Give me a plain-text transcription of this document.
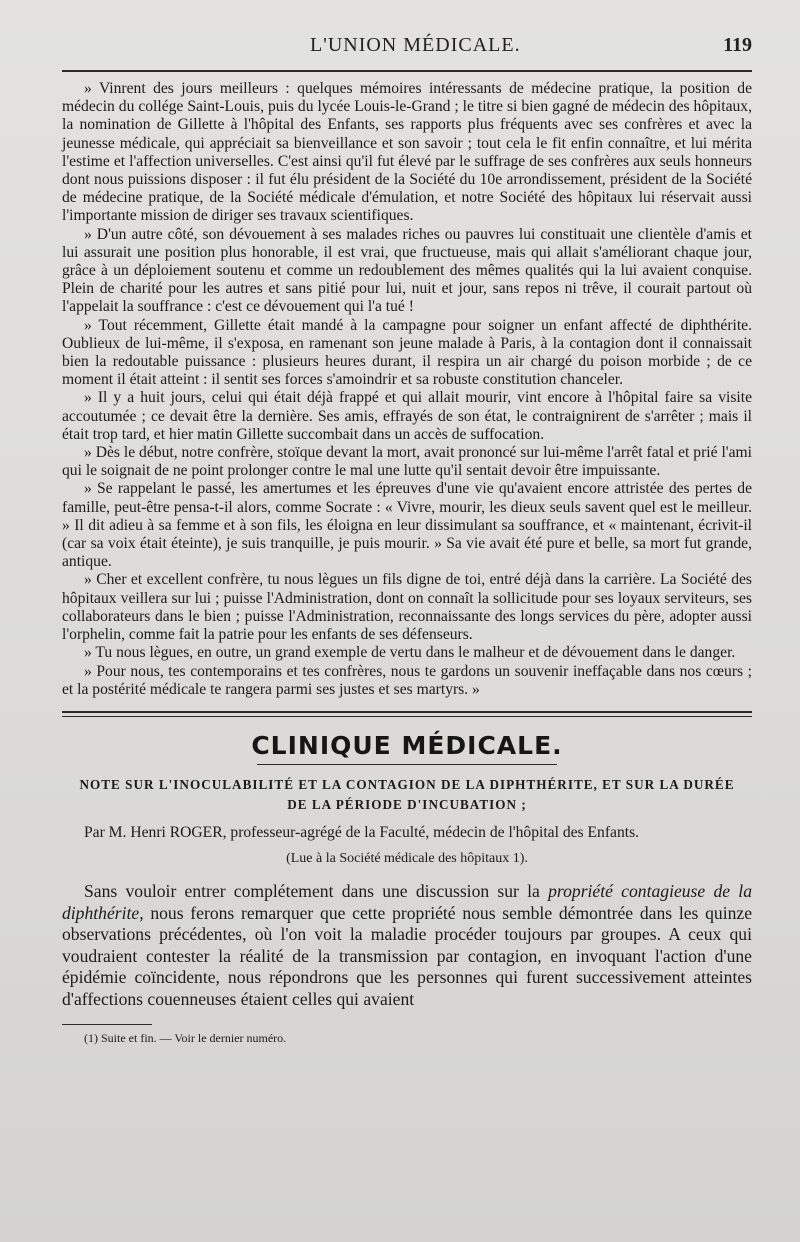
L'UNION MÉDICALE.	119

» Vinrent des jours meilleurs : quelques mémoires intéressants de médecine pratique, la position de médecin du collége Saint-Louis, puis du lycée Louis-le-Grand ; le titre si bien gagné de médecin des hôpitaux, la nomination de Gillette à l'hôpital des Enfants, ses rapports plus fréquents avec ses confrères et avec la jeunesse médicale, qui appréciait sa bienveillance et son savoir ; tout cela le fit enfin connaître, et lui mérita l'estime et l'affection universelles. C'est ainsi qu'il fut élevé par le suffrage de ses confrères aux seuls honneurs dont nous puissions disposer : il fut élu président de la Société du 10e arrondissement, président de la Société de médecine pratique, de la Société médicale d'émulation, et notre Société des hôpitaux lui réservait aussi l'importante mission de diriger ses travaux scientifiques.

» D'un autre côté, son dévouement à ses malades riches ou pauvres lui constituait une clientèle d'amis et lui assurait une position plus honorable, il est vrai, que fructueuse, mais qui allait s'améliorant chaque jour, grâce à un déploiement soutenu et comme un redoublement des mêmes qualités qui la lui avaient conquise. Plein de charité pour les autres et sans pitié pour lui, nuit et jour, sans repos ni trêve, il courait partout où l'appelait la souffrance : c'est ce dévouement qui l'a tué !

» Tout récemment, Gillette était mandé à la campagne pour soigner un enfant affecté de diphthérite. Oublieux de lui-même, il s'exposa, en ramenant son jeune malade à Paris, à la contagion dont il connaissait bien la redoutable puissance : plusieurs heures durant, il respira un air chargé du poison morbide ; de ce moment il était atteint : il sentit ses forces s'amoindrir et sa robuste constitution chanceler.

» Il y a huit jours, celui qui était déjà frappé et qui allait mourir, vint encore à l'hôpital faire sa visite accoutumée ; ce devait être la dernière. Ses amis, effrayés de son état, le contraignirent de s'arrêter ; mais il était trop tard, et hier matin Gillette succombait dans un accès de suffocation.

» Dès le début, notre confrère, stoïque devant la mort, avait prononcé sur lui-même l'arrêt fatal et prié l'ami qui le soignait de ne point prolonger contre le mal une lutte qu'il sentait devoir être impuissante.

» Se rappelant le passé, les amertumes et les épreuves d'une vie qu'avaient encore attristée des pertes de famille, peut-être pensa-t-il alors, comme Socrate : « Vivre, mourir, les dieux seuls savent quel est le meilleur. » Il dit adieu à sa femme et à son fils, les éloigna en leur dissimulant sa souffrance, et « maintenant, écrivit-il (car sa voix était éteinte), je suis tranquille, je puis mourir. » Sa vie avait été pure et belle, sa mort fut grande, antique.

» Cher et excellent confrère, tu nous lègues un fils digne de toi, entré déjà dans la carrière. La Société des hôpitaux veillera sur lui ; puisse l'Administration, dont on connaît la sollicitude pour ses loyaux serviteurs, ses collaborateurs dans le bien ; puisse l'Administration, reconnaissante des longs services du père, adopter aussi l'orphelin, comme fait la patrie pour les enfants de ses défenseurs.

» Tu nous lègues, en outre, un grand exemple de vertu dans le malheur et de dévouement dans le danger.

» Pour nous, tes contemporains et tes confrères, nous te gardons un souvenir ineffaçable dans nos cœurs ; et la postérité médicale te rangera parmi ses justes et ses martyrs. »

CLINIQUE MÉDICALE.
NOTE SUR L'INOCULABILITÉ ET LA CONTAGION DE LA DIPHTHÉRITE, ET SUR LA DURÉE
DE LA PÉRIODE D'INCUBATION ;

Par M. Henri ROGER, professeur-agrégé de la Faculté, médecin de l'hôpital des Enfants.

(Lue à la Société médicale des hôpitaux 1).

Sans vouloir entrer complétement dans une discussion sur la propriété contagieuse de la diphthérite, nous ferons remarquer que cette propriété nous semble démontrée dans les quinze observations précédentes, où l'on voit la maladie procéder toujours par groupes. A ceux qui voudraient contester la réalité de la transmission par contagion, en invoquant l'action d'une épidémie coïncidente, nous répondrons que les personnes qui furent successivement atteintes d'affections couenneuses étaient celles qui avaient

(1) Suite et fin. — Voir le dernier numéro.
